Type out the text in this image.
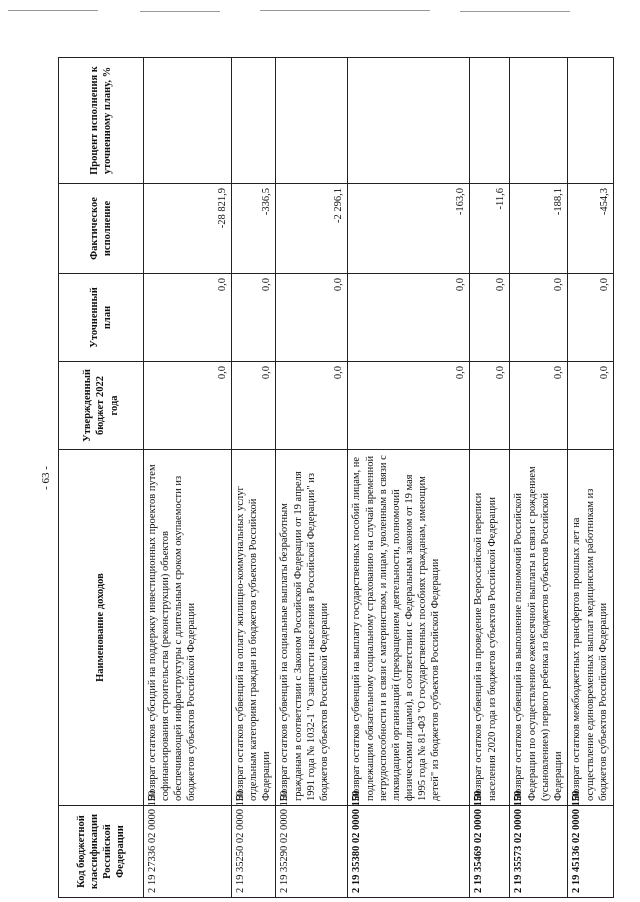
- 63 -
Код бюджетной классификации Российской Федерации	Наименование доходов	Утвержденный бюджет 2022 года	Уточненный план	Фактическое исполнение	Процент исполнения к уточненному плану, %
2 19 27336 02 0000 150	Возврат остатков субсидий на поддержку инвестиционных проектов путем софинансирования строительства (реконструкции) объектов обеспечивающей инфраструктуры с длительным сроком окупаемости из бюджетов субъектов Российской Федерации	0,0	0,0	-28 821,9	
2 19 35250 02 0000 150	Возврат остатков субвенций на оплату жилищно-коммунальных услуг отдельным категориям граждан из бюджетов субъектов Российской Федерации	0,0	0,0	-336,5	
2 19 35290 02 0000 150	Возврат остатков субвенций на социальные выплаты безработным гражданам в соответствии с Законом Российской Федерации от 19 апреля 1991 года № 1032-1 "О занятости населения в Российской Федерации" из бюджетов субъектов Российской Федерации	0,0	0,0	-2 296,1	
2 19 35380 02 0000 150	Возврат остатков субвенций на выплату государственных пособий лицам, не подлежащим обязательному социальному страхованию на случай временной нетрудоспособности и в связи с материнством, и лицам, уволенным в связи с ликвидацией организаций (прекращением деятельности, полномочий физическими лицами), в соответствии с Федеральным законом от 19 мая 1995 года № 81-ФЗ "О государственных пособиях гражданам, имеющим детей" из бюджетов субъектов Российской Федерации	0,0	0,0	-163,0	
2 19 35469 02 0000 150	Возврат остатков субвенций на проведение Всероссийской переписи населения 2020 года из бюджетов субъектов Российской Федерации	0,0	0,0	-11,6	
2 19 35573 02 0000 150	Возврат остатков субвенций на выполнение полномочий Российской Федерации по осуществлению ежемесячной выплаты в связи с рождением (усыновлением) первого ребенка из бюджетов субъектов Российской Федерации	0,0	0,0	-188,1	
2 19 45136 02 0000 150	Возврат остатков межбюджетных трансфертов прошлых лет на осуществление единовременных выплат медицинским работникам из бюджетов субъектов Российской Федерации	0,0	0,0	-454,3	
